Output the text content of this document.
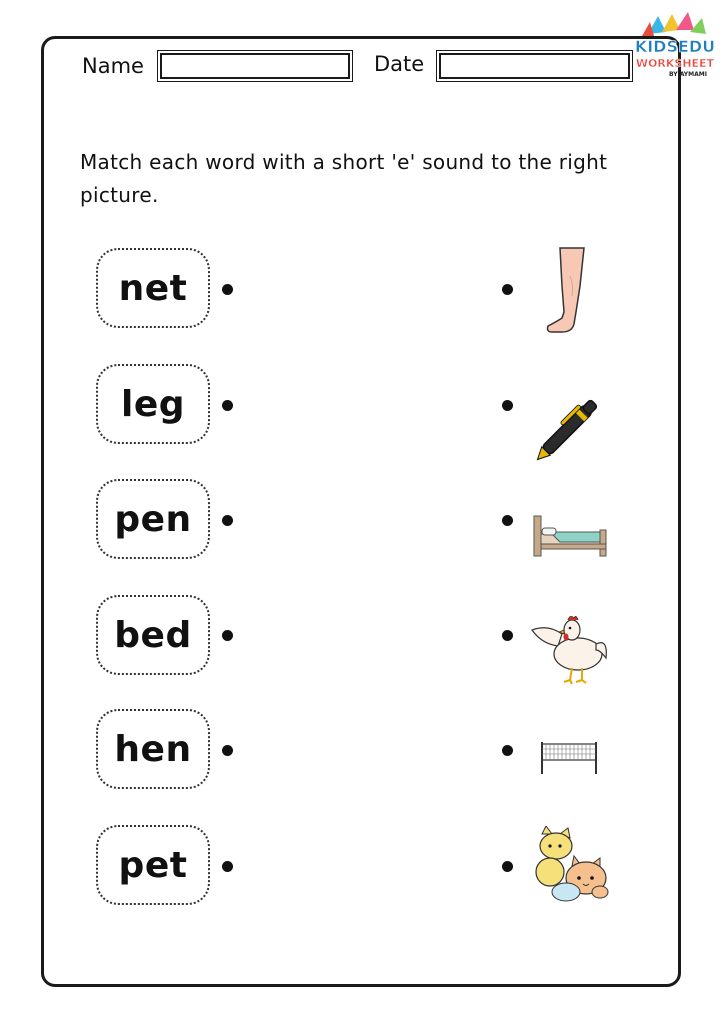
Name	Date
KIDSEDU
WORKSHEET
BY AYMAMI
Match each word with a short 'e' sound to the right picture.
net
leg
pen
bed
hen
pet
